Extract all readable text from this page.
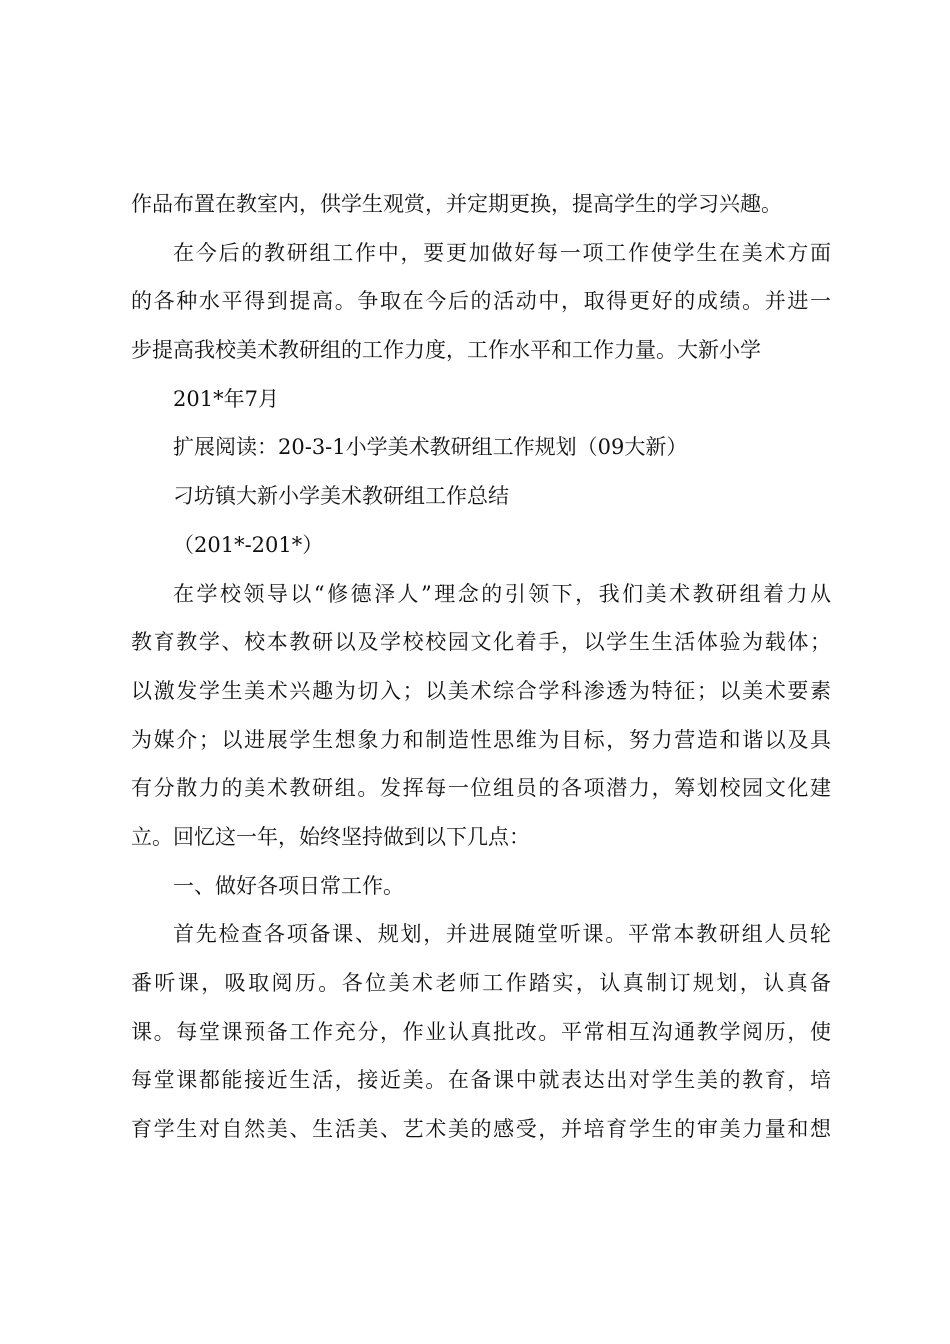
作品布置在教室内，供学生观赏，并定期更换，提高学生的学习兴趣。
在今后的教研组工作中，要更加做好每一项工作使学生在美术方面
的各种水平得到提高。争取在今后的活动中，取得更好的成绩。并进一
步提高我校美术教研组的工作力度，工作水平和工作力量。大新小学
201*年7月
扩展阅读：20-3-1小学美术教研组工作规划（09大新）
刁坊镇大新小学美术教研组工作总结
（201*-201*）
在学校领导以“修德泽人”理念的引领下，我们美术教研组着力从
教育教学、校本教研以及学校校园文化着手，以学生生活体验为载体；
以激发学生美术兴趣为切入；以美术综合学科渗透为特征；以美术要素
为媒介；以进展学生想象力和制造性思维为目标，努力营造和谐以及具
有分散力的美术教研组。发挥每一位组员的各项潜力，筹划校园文化建
立。回忆这一年，始终坚持做到以下几点：
一、做好各项日常工作。
首先检查各项备课、规划，并进展随堂听课。平常本教研组人员轮
番听课，吸取阅历。各位美术老师工作踏实，认真制订规划，认真备
课。每堂课预备工作充分，作业认真批改。平常相互沟通教学阅历，使
每堂课都能接近生活，接近美。在备课中就表达出对学生美的教育，培
育学生对自然美、生活美、艺术美的感受，并培育学生的审美力量和想
